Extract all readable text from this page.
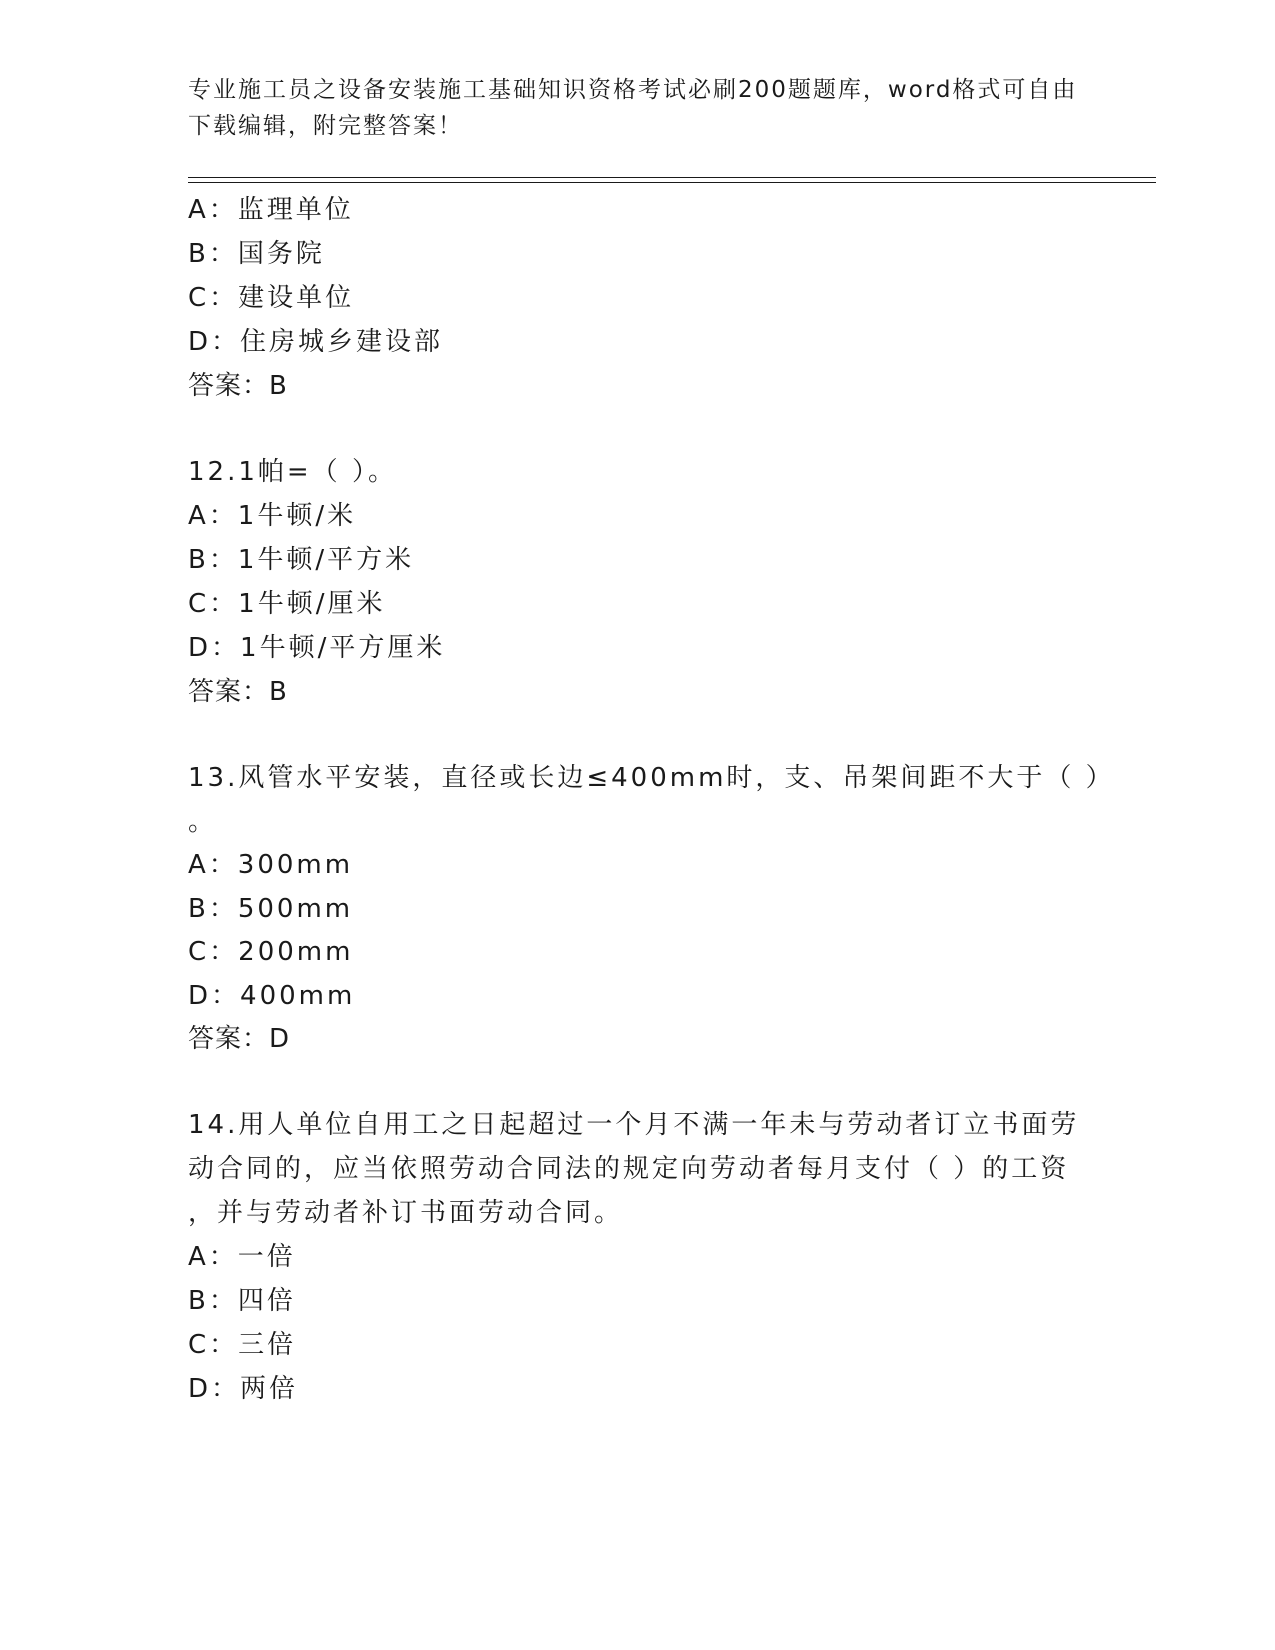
专业施工员之设备安装施工基础知识资格考试必刷200题题库，word格式可自由
下载编辑，附完整答案！
A：监理单位
B：国务院
C：建设单位
D：住房城乡建设部
答案：B
12.1帕=（ ）。
A：1牛顿/米
B：1牛顿/平方米
C：1牛顿/厘米
D：1牛顿/平方厘米
答案：B
13.风管水平安装，直径或长边≤400mm时，支、吊架间距不大于（ ）
。
A：300mm
B：500mm
C：200mm
D：400mm
答案：D
14.用人单位自用工之日起超过一个月不满一年未与劳动者订立书面劳
动合同的，应当依照劳动合同法的规定向劳动者每月支付（ ）的工资
，并与劳动者补订书面劳动合同。
A：一倍
B：四倍
C：三倍
D：两倍
